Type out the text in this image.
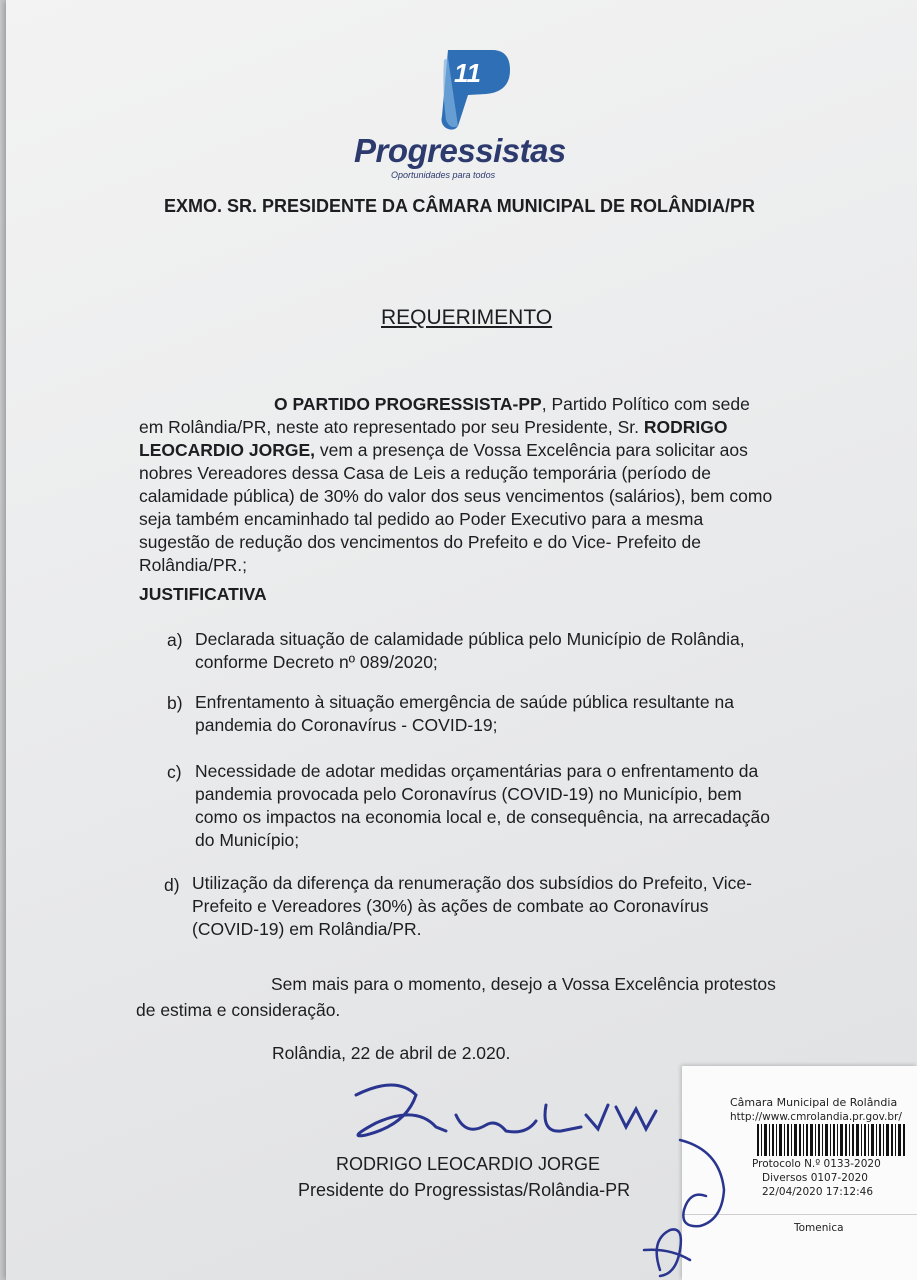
11
Progressistas
Oportunidades para todos
EXMO. SR. PRESIDENTE DA CÂMARA MUNICIPAL DE ROLÂNDIA/PR
REQUERIMENTO
O PARTIDO PROGRESSISTA-PP, Partido Político com sede
em Rolândia/PR, neste ato representado por seu Presidente, Sr. RODRIGO
LEOCARDIO JORGE, vem a presença de Vossa Excelência para solicitar aos
nobres Vereadores dessa Casa de Leis a redução temporária (período de
calamidade pública) de 30% do valor dos seus vencimentos (salários), bem como
seja também encaminhado tal pedido ao Poder Executivo para a mesma
sugestão de redução dos vencimentos do Prefeito e do Vice- Prefeito de
Rolândia/PR.;
JUSTIFICATIVA
a) Declarada situação de calamidade pública pelo Município de Rolândia,
conforme Decreto nº 089/2020;
b) Enfrentamento à situação emergência de saúde pública resultante na
pandemia do Coronavírus - COVID-19;
c) Necessidade de adotar medidas orçamentárias para o enfrentamento da
pandemia provocada pelo Coronavírus (COVID-19) no Município, bem
como os impactos na economia local e, de consequência, na arrecadação
do Município;
d) Utilização da diferença da renumeração dos subsídios do Prefeito, Vice-
Prefeito e Vereadores (30%) às ações de combate ao Coronavírus
(COVID-19) em Rolândia/PR.
Sem mais para o momento, desejo a Vossa Excelência protestos
de estima e consideração.
Rolândia, 22 de abril de 2.020.
RODRIGO LEOCARDIO JORGE
Presidente do Progressistas/Rolândia-PR
Câmara Municipal de Rolândia
http://www.cmrolandia.pr.gov.br/
Protocolo N.º 0133-2020
Diversos 0107-2020
22/04/2020 17:12:46
Tomenica
